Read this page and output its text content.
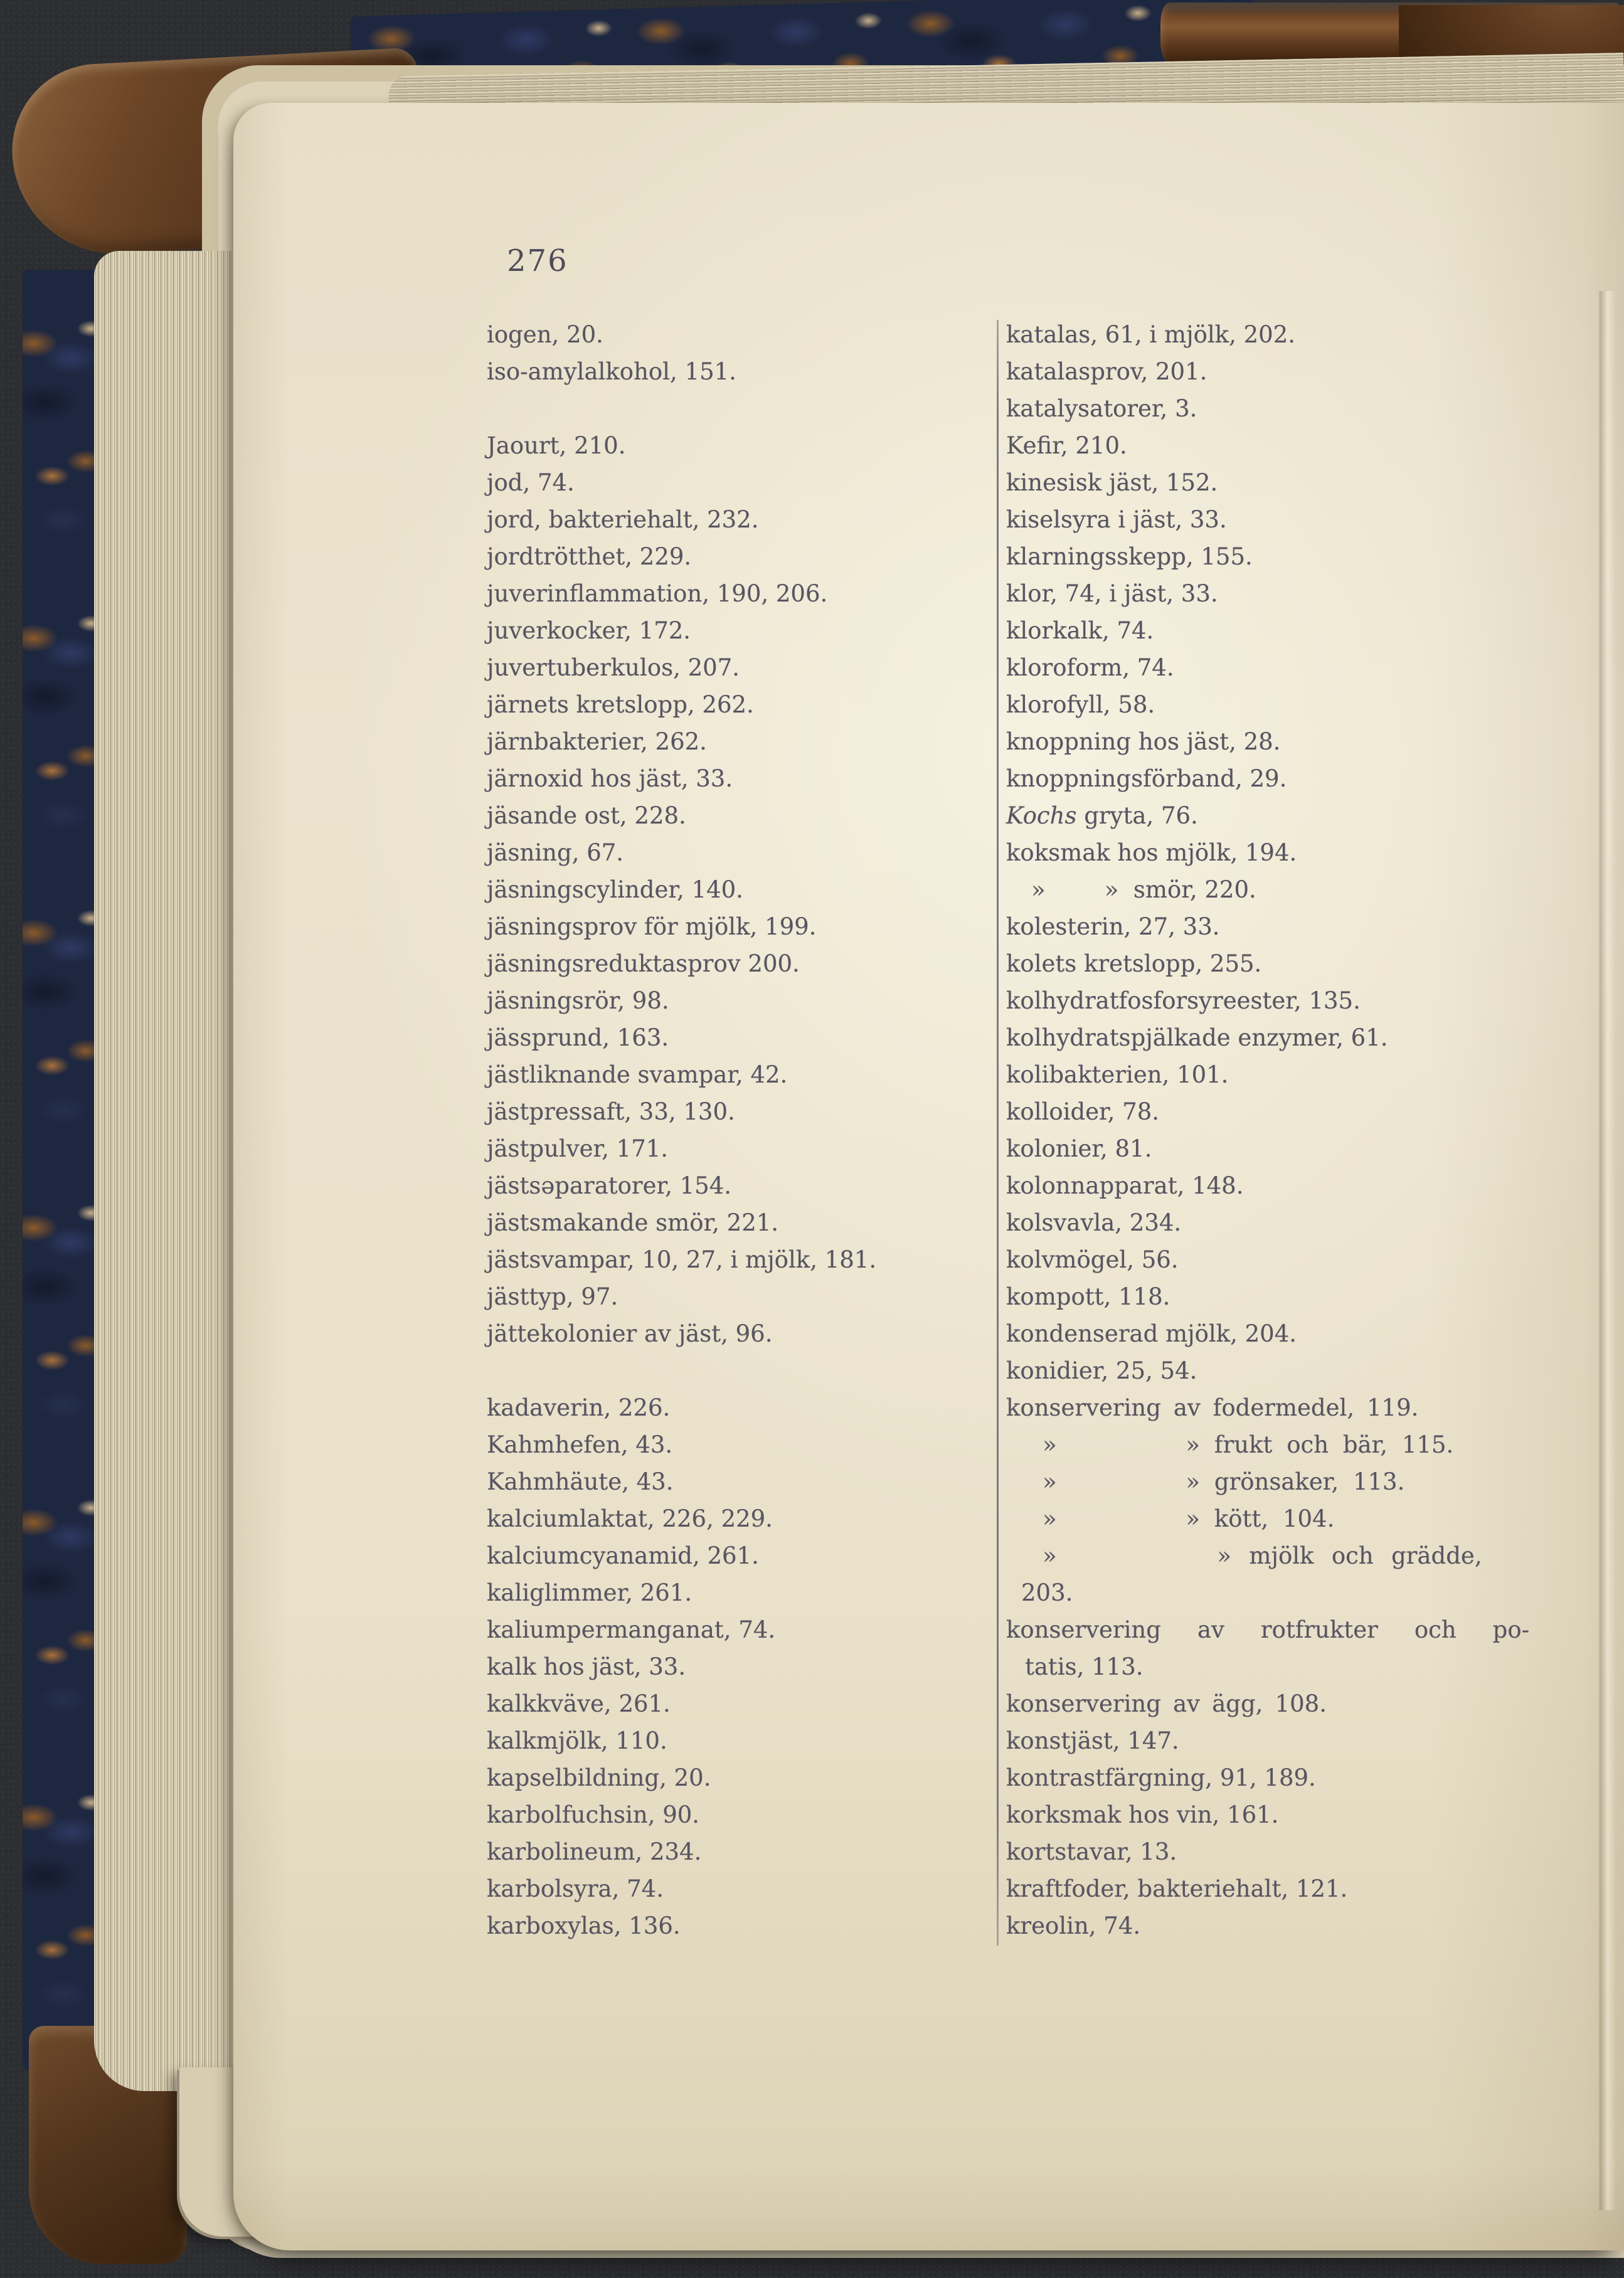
276
iogen, 20.
iso-amylalkohol, 151.
Jaourt, 210.
jod, 74.
jord, bakteriehalt, 232.
jordtrötthet, 229.
juverinflammation, 190, 206.
juverkocker, 172.
juvertuberkulos, 207.
järnets kretslopp, 262.
järnbakterier, 262.
järnoxid hos jäst, 33.
jäsande ost, 228.
jäsning, 67.
jäsningscylinder, 140.
jäsningsprov för mjölk, 199.
jäsningsreduktasprov 200.
jäsningsrör, 98.
jässprund, 163.
jästliknande svampar, 42.
jästpressaft, 33, 130.
jästpulver, 171.
jästsəparatorer, 154.
jästsmakande smör, 221.
jästsvampar, 10, 27, i mjölk, 181.
jästtyp, 97.
jättekolonier av jäst, 96.
kadaverin, 226.
Kahmhefen, 43.
Kahmhäute, 43.
kalciumlaktat, 226, 229.
kalciumcyanamid, 261.
kaliglimmer, 261.
kaliumpermanganat, 74.
kalk hos jäst, 33.
kalkkväve, 261.
kalkmjölk, 110.
kapselbildning, 20.
karbolfuchsin, 90.
karbolineum, 234.
karbolsyra, 74.
karboxylas, 136.
katalas, 61, i mjölk, 202.
katalasprov, 201.
katalysatorer, 3.
Kefir, 210.
kinesisk jäst, 152.
kiselsyra i jäst, 33.
klarningsskepp, 155.
klor, 74, i jäst, 33.
klorkalk, 74.
kloroform, 74.
klorofyll, 58.
knoppning hos jäst, 28.
knoppningsförband, 29.
Kochs gryta, 76.
koksmak hos mjölk, 194.
»        »  smör, 220.
kolesterin, 27, 33.
kolets kretslopp, 255.
kolhydratfosforsyreester, 135.
kolhydratspjälkade enzymer, 61.
kolibakterien, 101.
kolloider, 78.
kolonier, 81.
kolonnapparat, 148.
kolsvavla, 234.
kolvmögel, 56.
kompott, 118.
kondenserad mjölk, 204.
konidier, 25, 54.
konservering av fodermedel, 119.
»         » frukt och bär, 115.
»         » grönsaker, 113.
»         » kött, 104.
»         » mjölk och grädde,
203.
konservering av rotfrukter och po-
tatis, 113.
konservering av ägg, 108.
konstjäst, 147.
kontrastfärgning, 91, 189.
korksmak hos vin, 161.
kortstavar, 13.
kraftfoder, bakteriehalt, 121.
kreolin, 74.
